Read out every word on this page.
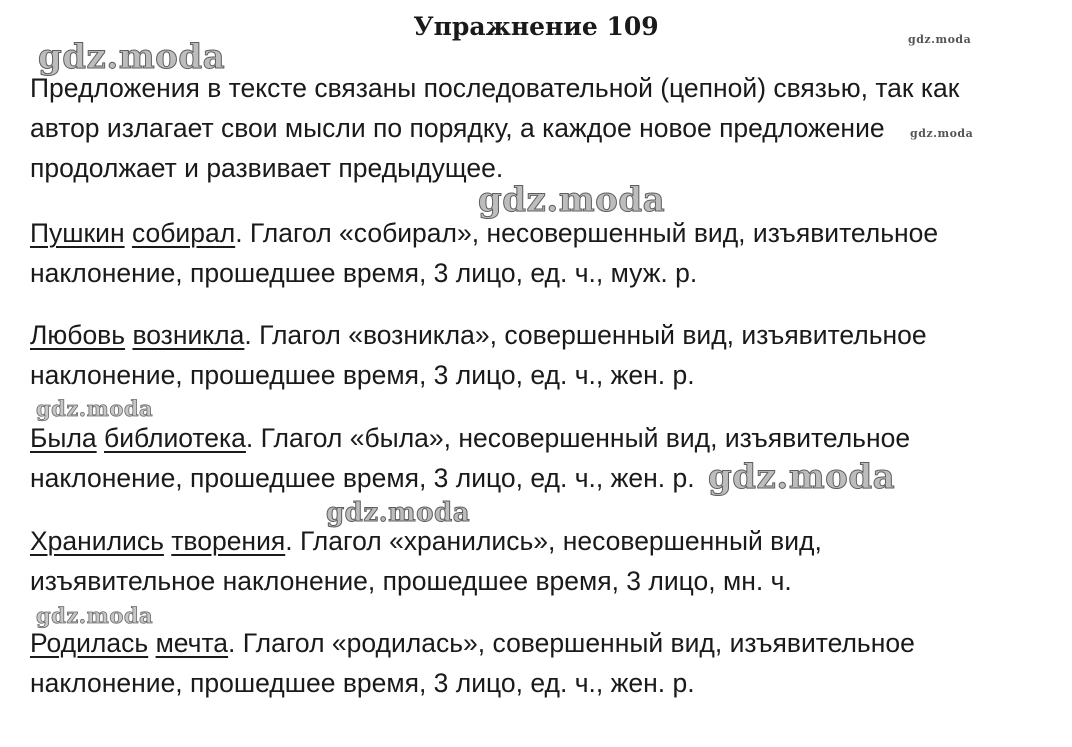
Упражнение 109
Предложения в тексте связаны последовательной (цепной) связью, так как
автор излагает свои мысли по порядку, а каждое новое предложение
продолжает и развивает предыдущее.
Пушкин собирал. Глагол «собирал», несовершенный вид, изъявительное
наклонение, прошедшее время, 3 лицо, ед. ч., муж. р.
Любовь возникла. Глагол «возникла», совершенный вид, изъявительное
наклонение, прошедшее время, 3 лицо, ед. ч., жен. р.
Была библиотека. Глагол «была», несовершенный вид, изъявительное
наклонение, прошедшее время, 3 лицо, ед. ч., жен. р.
Хранились творения. Глагол «хранились», несовершенный вид,
изъявительное наклонение, прошедшее время, 3 лицо, мн. ч.
Родилась мечта. Глагол «родилась», совершенный вид, изъявительное
наклонение, прошедшее время, 3 лицо, ед. ч., жен. р.
gdz.moda	gdz.moda
gdz.moda
gdz.moda
gdz.moda
gdz.moda
gdz.moda
gdz.moda
